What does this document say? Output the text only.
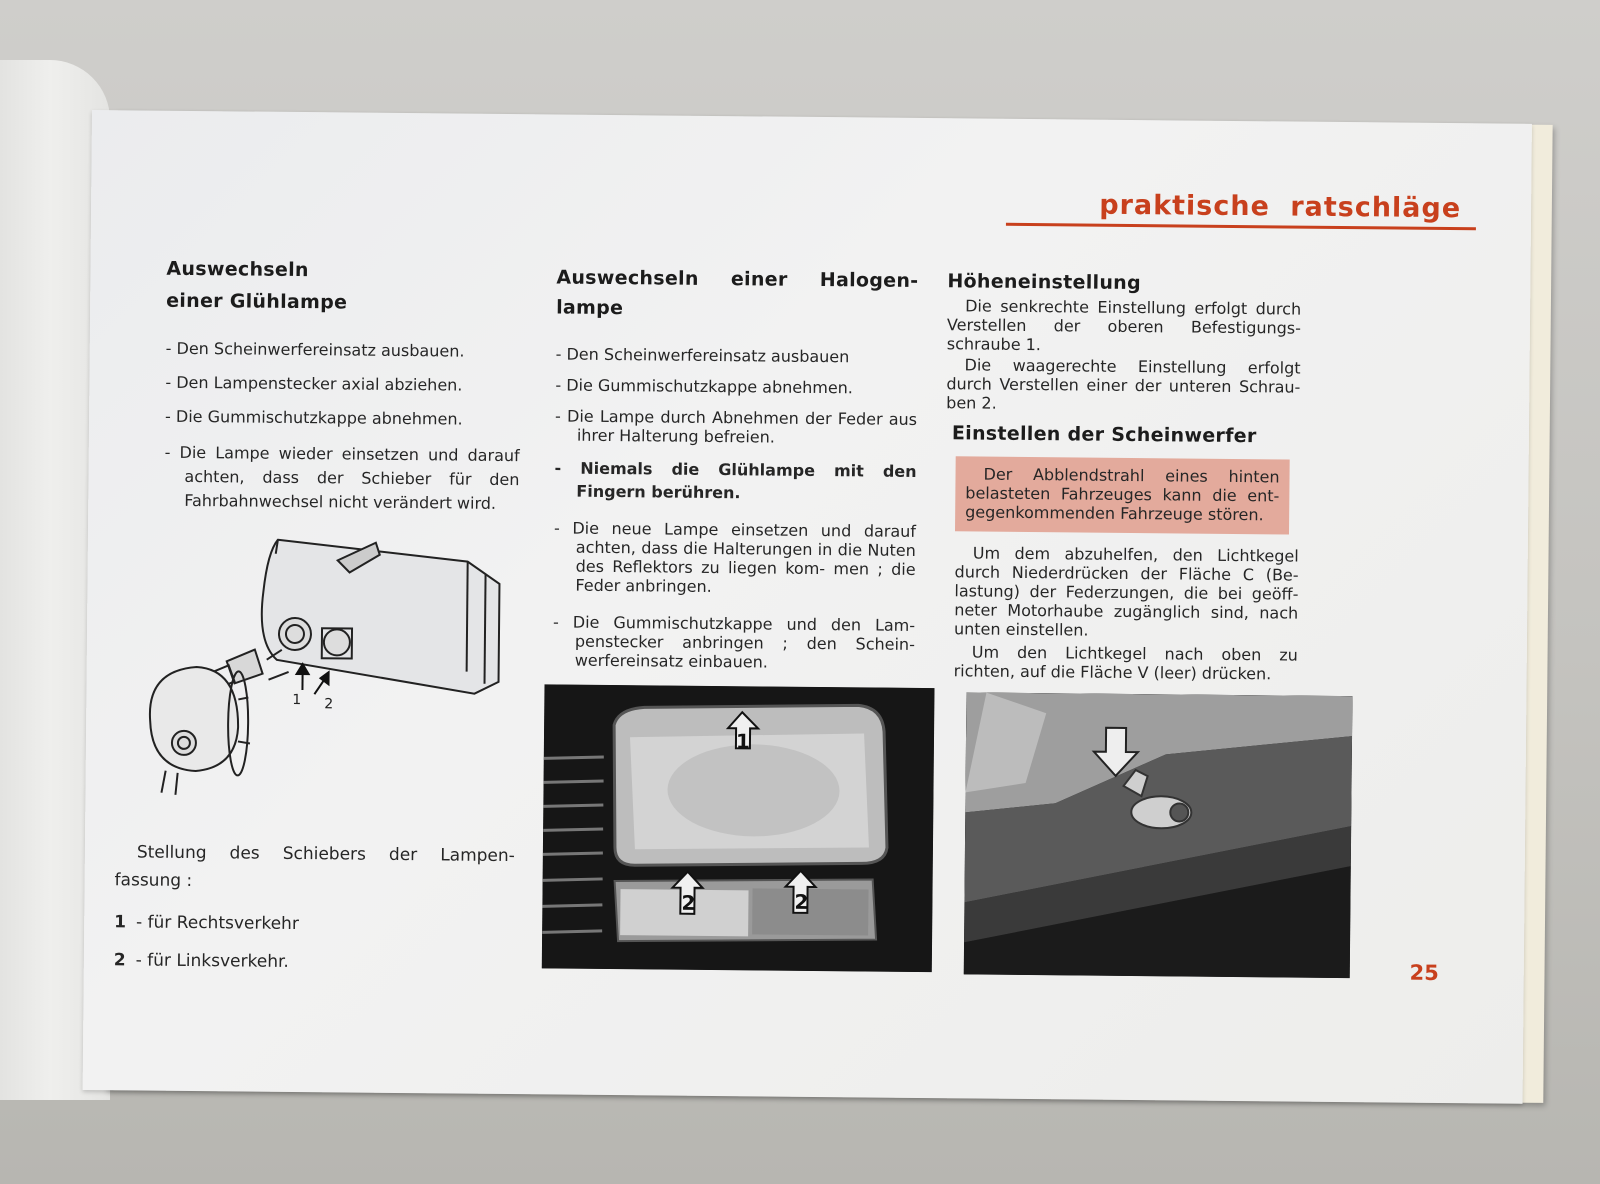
praktische ratschläge
Auswechseln
einer Glühlampe
- Den Scheinwerfereinsatz ausbauen.
- Den Lampenstecker axial abziehen.
- Die Gummischutzkappe abnehmen.
- Die Lampe wieder einsetzen und darauf achten, dass der Schieber für den Fahrbahnwechsel nicht verändert wird.
1 2
Stellung des Schiebers der Lampen- fassung :
1 - für Rechtsverkehr
2 - für Linksverkehr.
Auswechseln einer Halogen- lampe
- Den Scheinwerfereinsatz ausbauen
- Die Gummischutzkappe abnehmen.
- Die Lampe durch Abnehmen der Feder aus ihrer Halterung befreien.
- Niemals die Glühlampe mit den Fingern berühren.
- Die neue Lampe einsetzen und darauf achten, dass die Halterungen in die Nuten des Reflektors zu liegen kom- men ; die Feder anbringen.
- Die Gummischutzkappe und den Lam- penstecker anbringen ; den Schein- werfereinsatz einbauen.
1
2	2
Höheneinstellung
Die senkrechte Einstellung erfolgt durch Verstellen der oberen Befestigungs- schraube 1.
Die waagerechte Einstellung erfolgt durch Verstellen einer der unteren Schrau- ben 2.
Einstellen der Scheinwerfer
Der Abblendstrahl eines hinten belasteten Fahrzeuges kann die ent- gegenkommenden Fahrzeuge stören.
Um dem abzuhelfen, den Lichtkegel durch Niederdrücken der Fläche C (Be- lastung) der Federzungen, die bei geöff- neter Motorhaube zugänglich sind, nach unten einstellen.
Um den Lichtkegel nach oben zu richten, auf die Fläche V (leer) drücken.
25
